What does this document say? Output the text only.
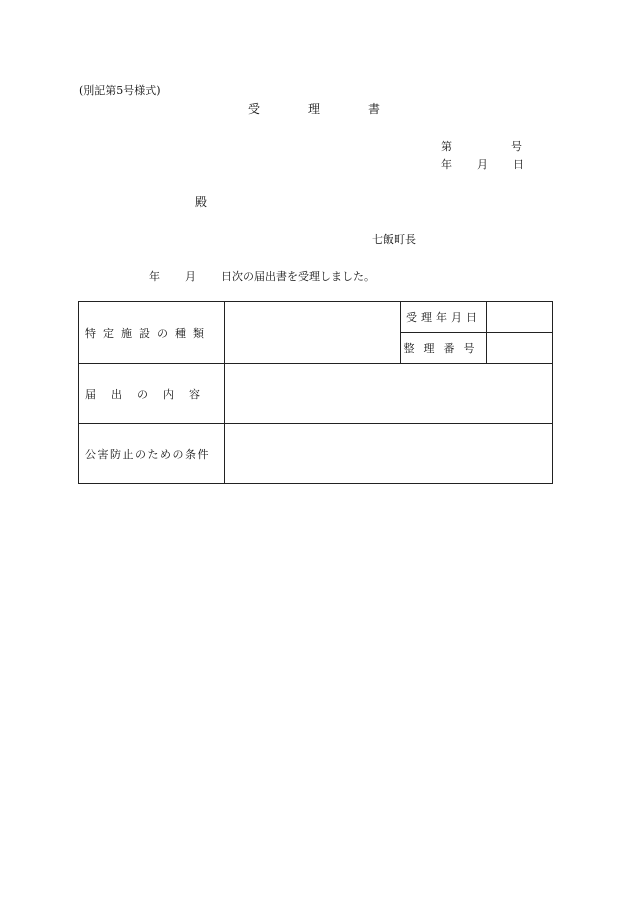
(別記第5号様式)
受	理	書
第	号
年 月 日
殿
七飯町長
年 月 日次の届出書を受理しました。
特定施設の種類		受理年月日	
		整理番号	
届出の内容			
公害防止のための条件			
